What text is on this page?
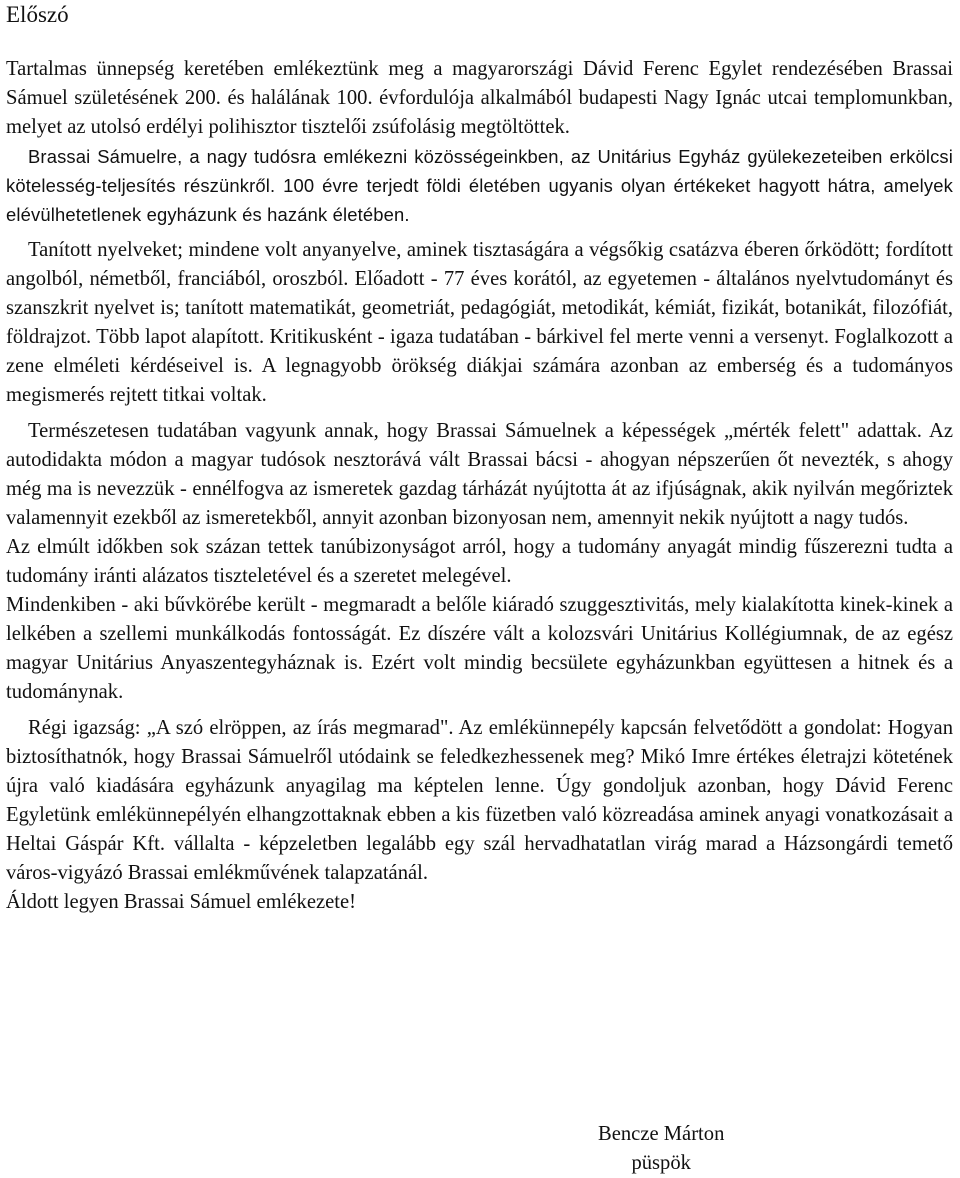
Előszó

Tartalmas ünnepség keretében emlékeztünk meg a magyarországi Dávid Ferenc Egylet rendezésében Brassai Sámuel születésének 200. és halálának 100. évfordulója alkalmából budapesti Nagy Ignác utcai templomunkban, melyet az utolsó erdélyi polihisztor tisztelői zsúfolásig megtöltöttek.

Brassai Sámuelre, a nagy tudósra emlékezni közösségeinkben, az Unitárius Egyház gyülekezeteiben erkölcsi kötelesség-teljesítés részünkről. 100 évre terjedt földi életében ugyanis olyan értékeket hagyott hátra, amelyek elévülhetetlenek egyházunk és hazánk életében.

Tanított nyelveket; mindene volt anyanyelve, aminek tisztaságára a végsőkig csatázva éberen őrködött; fordított angolból, németből, franciából, oroszból. Előadott - 77 éves korától, az egyetemen - általános nyelvtudományt és szanszkrit nyelvet is; tanított matematikát, geometriát, pedagógiát, metodikát, kémiát, fizikát, botanikát, filozófiát, földrajzot. Több lapot alapított. Kritikusként - igaza tudatában - bárkivel fel merte venni a versenyt. Foglalkozott a zene elméleti kérdéseivel is. A legnagyobb örökség diákjai számára azonban az emberség és a tudományos megismerés rejtett titkai voltak.

Természetesen tudatában vagyunk annak, hogy Brassai Sámuelnek a képességek „mérték felett" adattak. Az autodidakta módon a magyar tudósok nesztorává vált Brassai bácsi - ahogyan népszerűen őt nevezték, s ahogy még ma is nevezzük - ennélfogva az ismeretek gazdag tárházát nyújtotta át az ifjúságnak, akik nyilván megőriztek valamennyit ezekből az ismeretekből, annyit azonban bizonyosan nem, amennyit nekik nyújtott a nagy tudós.

Az elmúlt időkben sok százan tettek tanúbizonyságot arról, hogy a tudomány anyagát mindig fűszerezni tudta a tudomány iránti alázatos tiszteletével és a szeretet melegével.

Mindenkiben - aki bűvkörébe került - megmaradt a belőle kiáradó szuggesztivitás, mely kialakította kinek-kinek a lelkében a szellemi munkálkodás fontosságát. Ez díszére vált a kolozsvári Unitárius Kollégiumnak, de az egész magyar Unitárius Anyaszentegyháznak is. Ezért volt mindig becsülete egyházunkban együttesen a hitnek és a tudománynak.

Régi igazság: „A szó elröppen, az írás megmarad". Az emlékünnepély kapcsán felvetődött a gondolat: Hogyan biztosíthatnók, hogy Brassai Sámuelről utódaink se feledkezhessenek meg? Mikó Imre értékes életrajzi kötetének újra való kiadására egyházunk anyagilag ma képtelen lenne. Úgy gondoljuk azonban, hogy Dávid Ferenc Egyletünk emlékünnepélyén elhangzottaknak ebben a kis füzetben való közreadása aminek anyagi vonatkozásait a Heltai Gáspár Kft. vállalta - képzeletben legalább egy szál hervadhatatlan virág marad a Házsongárdi temető város-vigyázó Brassai emlékművének talapzatánál.

Áldott legyen Brassai Sámuel emlékezete!

Bencze Márton
püspök
